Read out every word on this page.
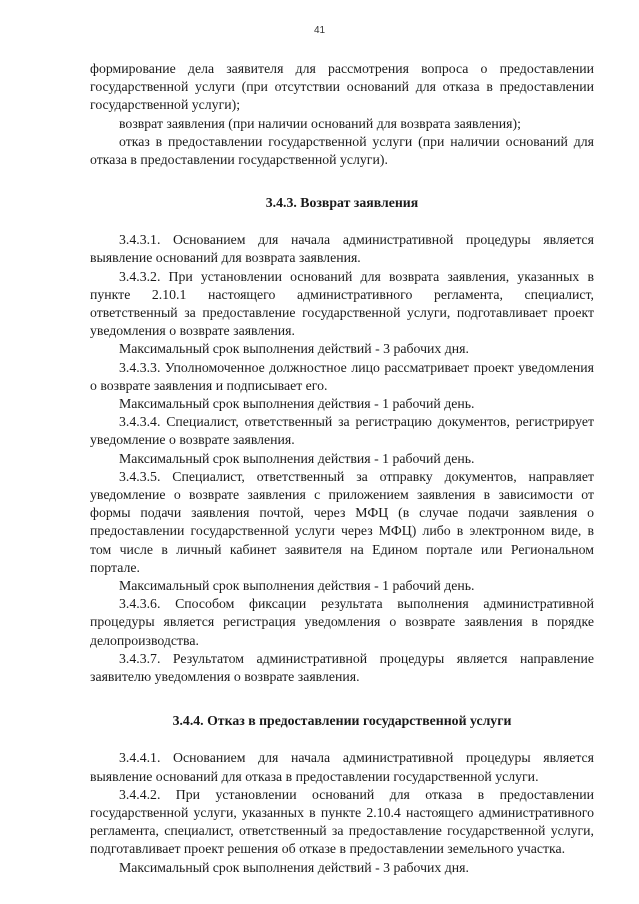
41

формирование дела заявителя для рассмотрения вопроса о предоставлении государственной услуги (при отсутствии оснований для отказа в предоставлении государственной услуги);

возврат заявления (при наличии оснований для возврата заявления);

отказ в предоставлении государственной услуги (при наличии оснований для отказа в предоставлении государственной услуги).

3.4.3. Возврат заявления

3.4.3.1. Основанием для начала административной процедуры является выявление оснований для возврата заявления.

3.4.3.2. При установлении оснований для возврата заявления, указанных в пункте 2.10.1 настоящего административного регламента, специалист, ответственный за предоставление государственной услуги, подготавливает проект уведомления о возврате заявления.

Максимальный срок выполнения действий - 3 рабочих дня.

3.4.3.3. Уполномоченное должностное лицо рассматривает проект уведомления о возврате заявления и подписывает его.

Максимальный срок выполнения действия - 1 рабочий день.

3.4.3.4. Специалист, ответственный за регистрацию документов, регистрирует уведомление о возврате заявления.

Максимальный срок выполнения действия - 1 рабочий день.

3.4.3.5. Специалист, ответственный за отправку документов, направляет уведомление о возврате заявления с приложением заявления в зависимости от формы подачи заявления почтой, через МФЦ (в случае подачи заявления о предоставлении государственной услуги через МФЦ) либо в электронном виде, в том числе в личный кабинет заявителя на Едином портале или Региональном портале.

Максимальный срок выполнения действия - 1 рабочий день.

3.4.3.6. Способом фиксации результата выполнения административной процедуры является регистрация уведомления о возврате заявления в порядке делопроизводства.

3.4.3.7. Результатом административной процедуры является направление заявителю уведомления о возврате заявления.

3.4.4. Отказ в предоставлении государственной услуги

3.4.4.1. Основанием для начала административной процедуры является выявление оснований для отказа в предоставлении государственной услуги.

3.4.4.2. При установлении оснований для отказа в предоставлении государственной услуги, указанных в пункте 2.10.4 настоящего административного регламента, специалист, ответственный за предоставление государственной услуги, подготавливает проект решения об отказе в предоставлении земельного участка.

Максимальный срок выполнения действий - 3 рабочих дня.
